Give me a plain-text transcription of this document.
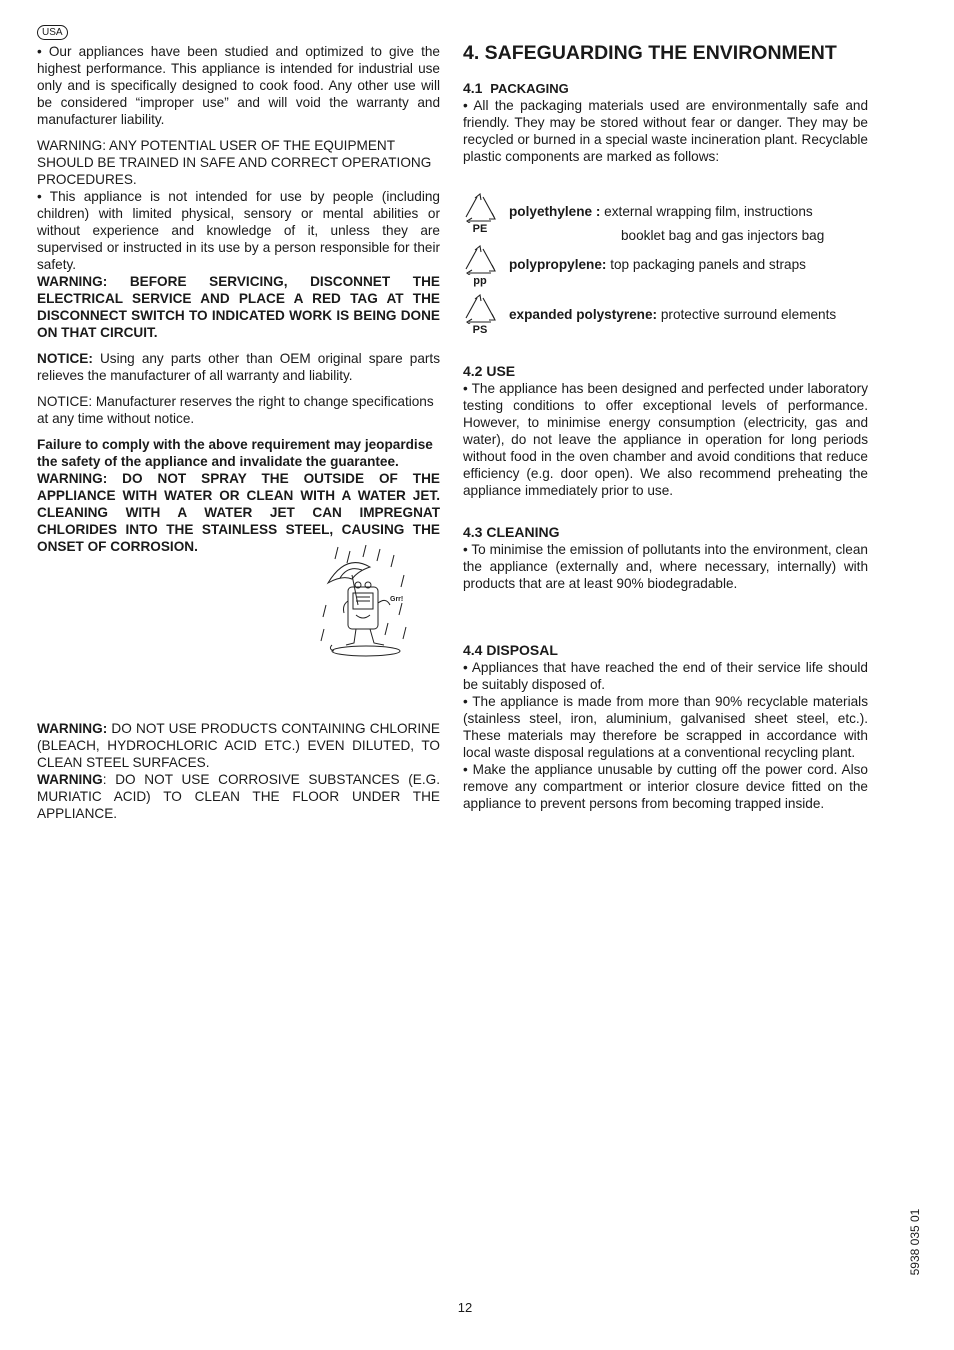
USA

• Our appliances have been studied and optimized to give the highest performance. This appliance is intended for industrial use only and is specifically designed to cook food. Any other use will be considered “improper use” and will void the warranty and manufacturer liability.

WARNING: ANY POTENTIAL USER OF THE EQUIPMENT SHOULD BE TRAINED IN SAFE AND CORRECT OPERATIONG PROCEDURES.

• This appliance is not intended for use by people (including children) with limited physical, sensory or mental abilities or without experience and knowledge of it, unless they are supervised or instructed in its use by a person responsible for their safety.

WARNING: BEFORE SERVICING, DISCONNET THE ELECTRICAL SERVICE AND PLACE A RED TAG AT THE DISCONNECT SWITCH TO INDICATED WORK IS BEING DONE ON THAT CIRCUIT.

NOTICE: Using any parts other than OEM original spare parts relieves the manufacturer of all warranty and liability.

NOTICE: Manufacturer reserves the right to change specifications at any time without notice.

Failure to comply with the above requirement may jeopardise the safety of the appliance and invalidate the guarantee.

WARNING: DO NOT SPRAY THE OUTSIDE OF THE APPLIANCE WITH WATER OR CLEAN WITH A WATER JET. CLEANING WITH A WATER JET CAN IMPREGNAT CHLORIDES INTO THE STAINLESS STEEL, CAUSING THE ONSET OF CORROSION.

WARNING: DO NOT USE PRODUCTS CONTAINING CHLORINE (BLEACH, HYDROCHLORIC ACID ETC.) EVEN DILUTED, TO CLEAN STEEL SURFACES.

WARNING: DO NOT USE CORROSIVE SUBSTANCES (E.G. MURIATIC ACID) TO CLEAN THE FLOOR UNDER THE APPLIANCE.

Grr!
4. SAFEGUARDING THE ENVIRONMENT
4.1 PACKAGING

• All the packaging materials used are environmentally safe and friendly. They may be stored without fear or danger. They may be recycled or burned in a special waste incineration plant. Recyclable plastic components are marked as follows:

PE
polyethylene : external wrapping film, instructions
booklet bag and gas injectors bag
pp
polypropylene: top packaging panels and straps
PS
expanded polystyrene: protective surround elements
4.2 USE

• The appliance has been designed and perfected under laboratory testing conditions to offer exceptional levels of performance. However, to minimise energy consumption (electricity, gas and water), do not leave the appliance in operation for long periods without food in the oven chamber and avoid conditions that reduce efficiency (e.g. door open). We also recommend preheating the appliance immediately prior to use.

4.3 CLEANING

• To minimise the emission of pollutants into the environment, clean the appliance (externally and, where necessary, internally) with products that are at least 90% biodegradable.

4.4 DISPOSAL

• Appliances that have reached the end of their service life should be suitably disposed of.

• The appliance is made from more than 90% recyclable materials (stainless steel, iron, aluminium, galvanised sheet steel, etc.). These materials may therefore be scrapped in accordance with local waste disposal regulations at a conventional recycling plant.

• Make the appliance unusable by cutting off the power cord. Also remove any compartment or interior closure device fitted on the appliance to prevent persons from becoming trapped inside.

5938 035 01
12
